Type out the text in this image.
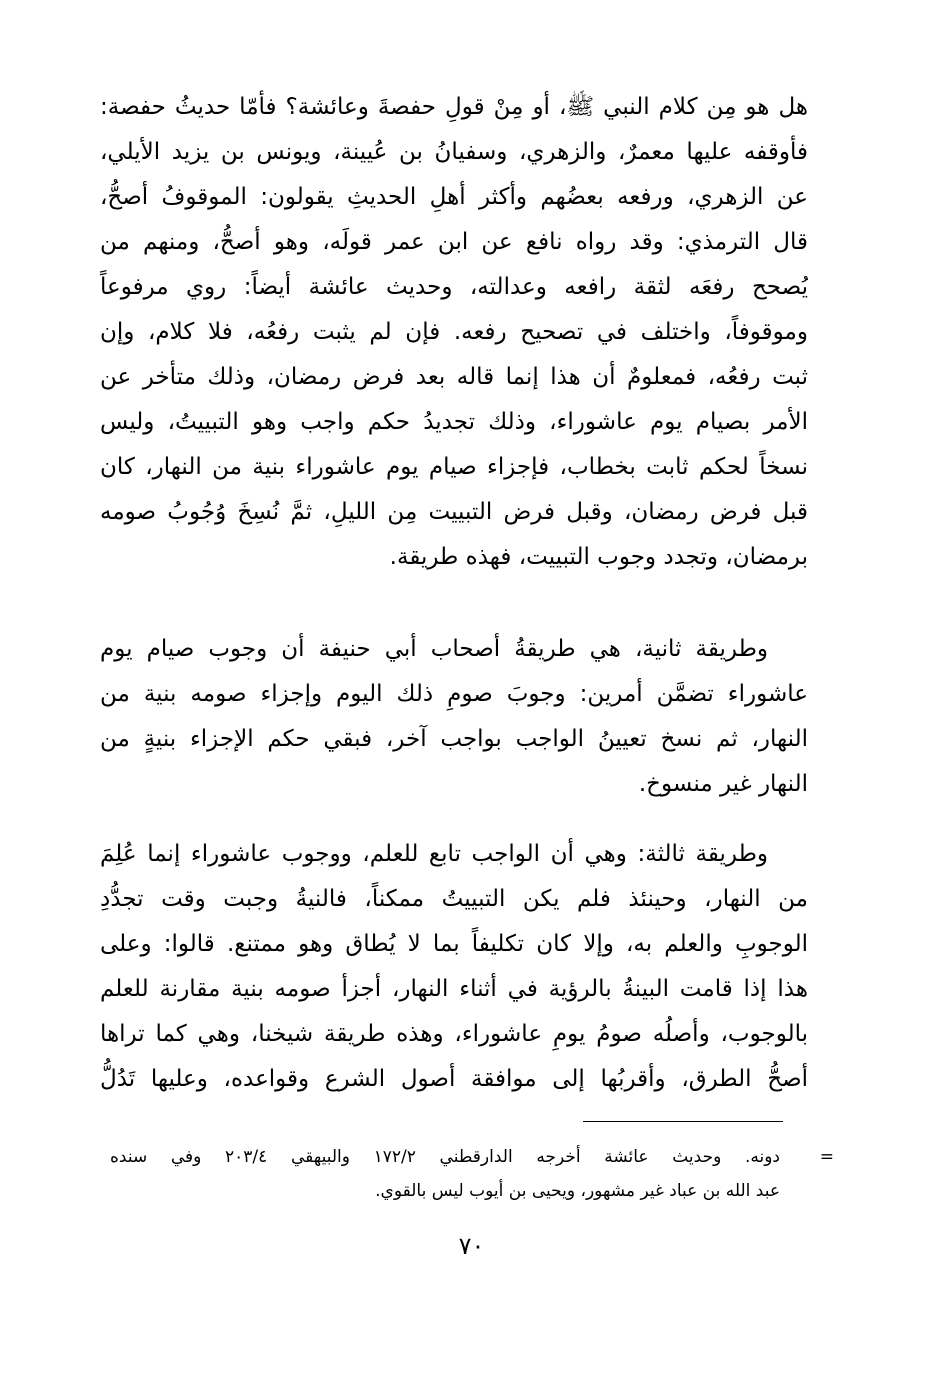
هل هو مِن كلام النبي ﷺ، أو مِنْ قولِ حفصةَ وعائشة؟ فأمّا حديثُ حفصة:
فأوقفه عليها معمرٌ، والزهري، وسفيانُ بن عُيينة، ويونس بن يزيد الأيلي،
عن الزهري، ورفعه بعضُهم وأكثر أهلِ الحديثِ يقولون: الموقوفُ أصحُّ،
قال الترمذي: وقد رواه نافع عن ابن عمر قولَه، وهو أصحُّ، ومنهم من
يُصحح رفعَه لثقة رافعه وعدالته، وحديث عائشة أيضاً: روي مرفوعاً
وموقوفاً، واختلف في تصحيح رفعه. فإن لم يثبت رفعُه، فلا كلام، وإن
ثبت رفعُه، فمعلومٌ أن هذا إنما قاله بعد فرض رمضان، وذلك متأخر عن
الأمر بصيام يوم عاشوراء، وذلك تجديدُ حكم واجب وهو التبييتُ، وليس
نسخاً لحكم ثابت بخطاب، فإجزاء صيام يوم عاشوراء بنية من النهار، كان
قبل فرض رمضان، وقبل فرض التبييت مِن الليلِ، ثمَّ نُسِخَ وُجُوبُ صومه
برمضان، وتجدد وجوب التبييت، فهذه طريقة.
وطريقة ثانية، هي طريقةُ أصحاب أبي حنيفة أن وجوب صيام يوم
عاشوراء تضمَّن أمرين: وجوبَ صومِ ذلك اليوم وإجزاء صومه بنية من
النهار، ثم نسخ تعيينُ الواجب بواجب آخر، فبقي حكم الإجزاء بنيةٍ من
النهار غير منسوخ.
وطريقة ثالثة: وهي أن الواجب تابع للعلم، ووجوب عاشوراء إنما عُلِمَ
من النهار، وحينئذ فلم يكن التبييتُ ممكناً، فالنيةُ وجبت وقت تجدُّدِ
الوجوبِ والعلم به، وإلا كان تكليفاً بما لا يُطاق وهو ممتنع. قالوا: وعلى
هذا إذا قامت البينةُ بالرؤية في أثناء النهار، أجزأ صومه بنية مقارنة للعلم
بالوجوب، وأصلُه صومُ يومِ عاشوراء، وهذه طريقة شيخنا، وهي كما تراها
أصحُّ الطرق، وأقربُها إلى موافقة أصول الشرع وقواعده، وعليها تَدُلُّ
=
دونه. وحديث عائشة أخرجه الدارقطني ١٧٢/٢ والبيهقي ٢٠٣/٤ وفي سنده
عبد الله بن عباد غير مشهور، ويحيى بن أيوب ليس بالقوي.
٧٠
